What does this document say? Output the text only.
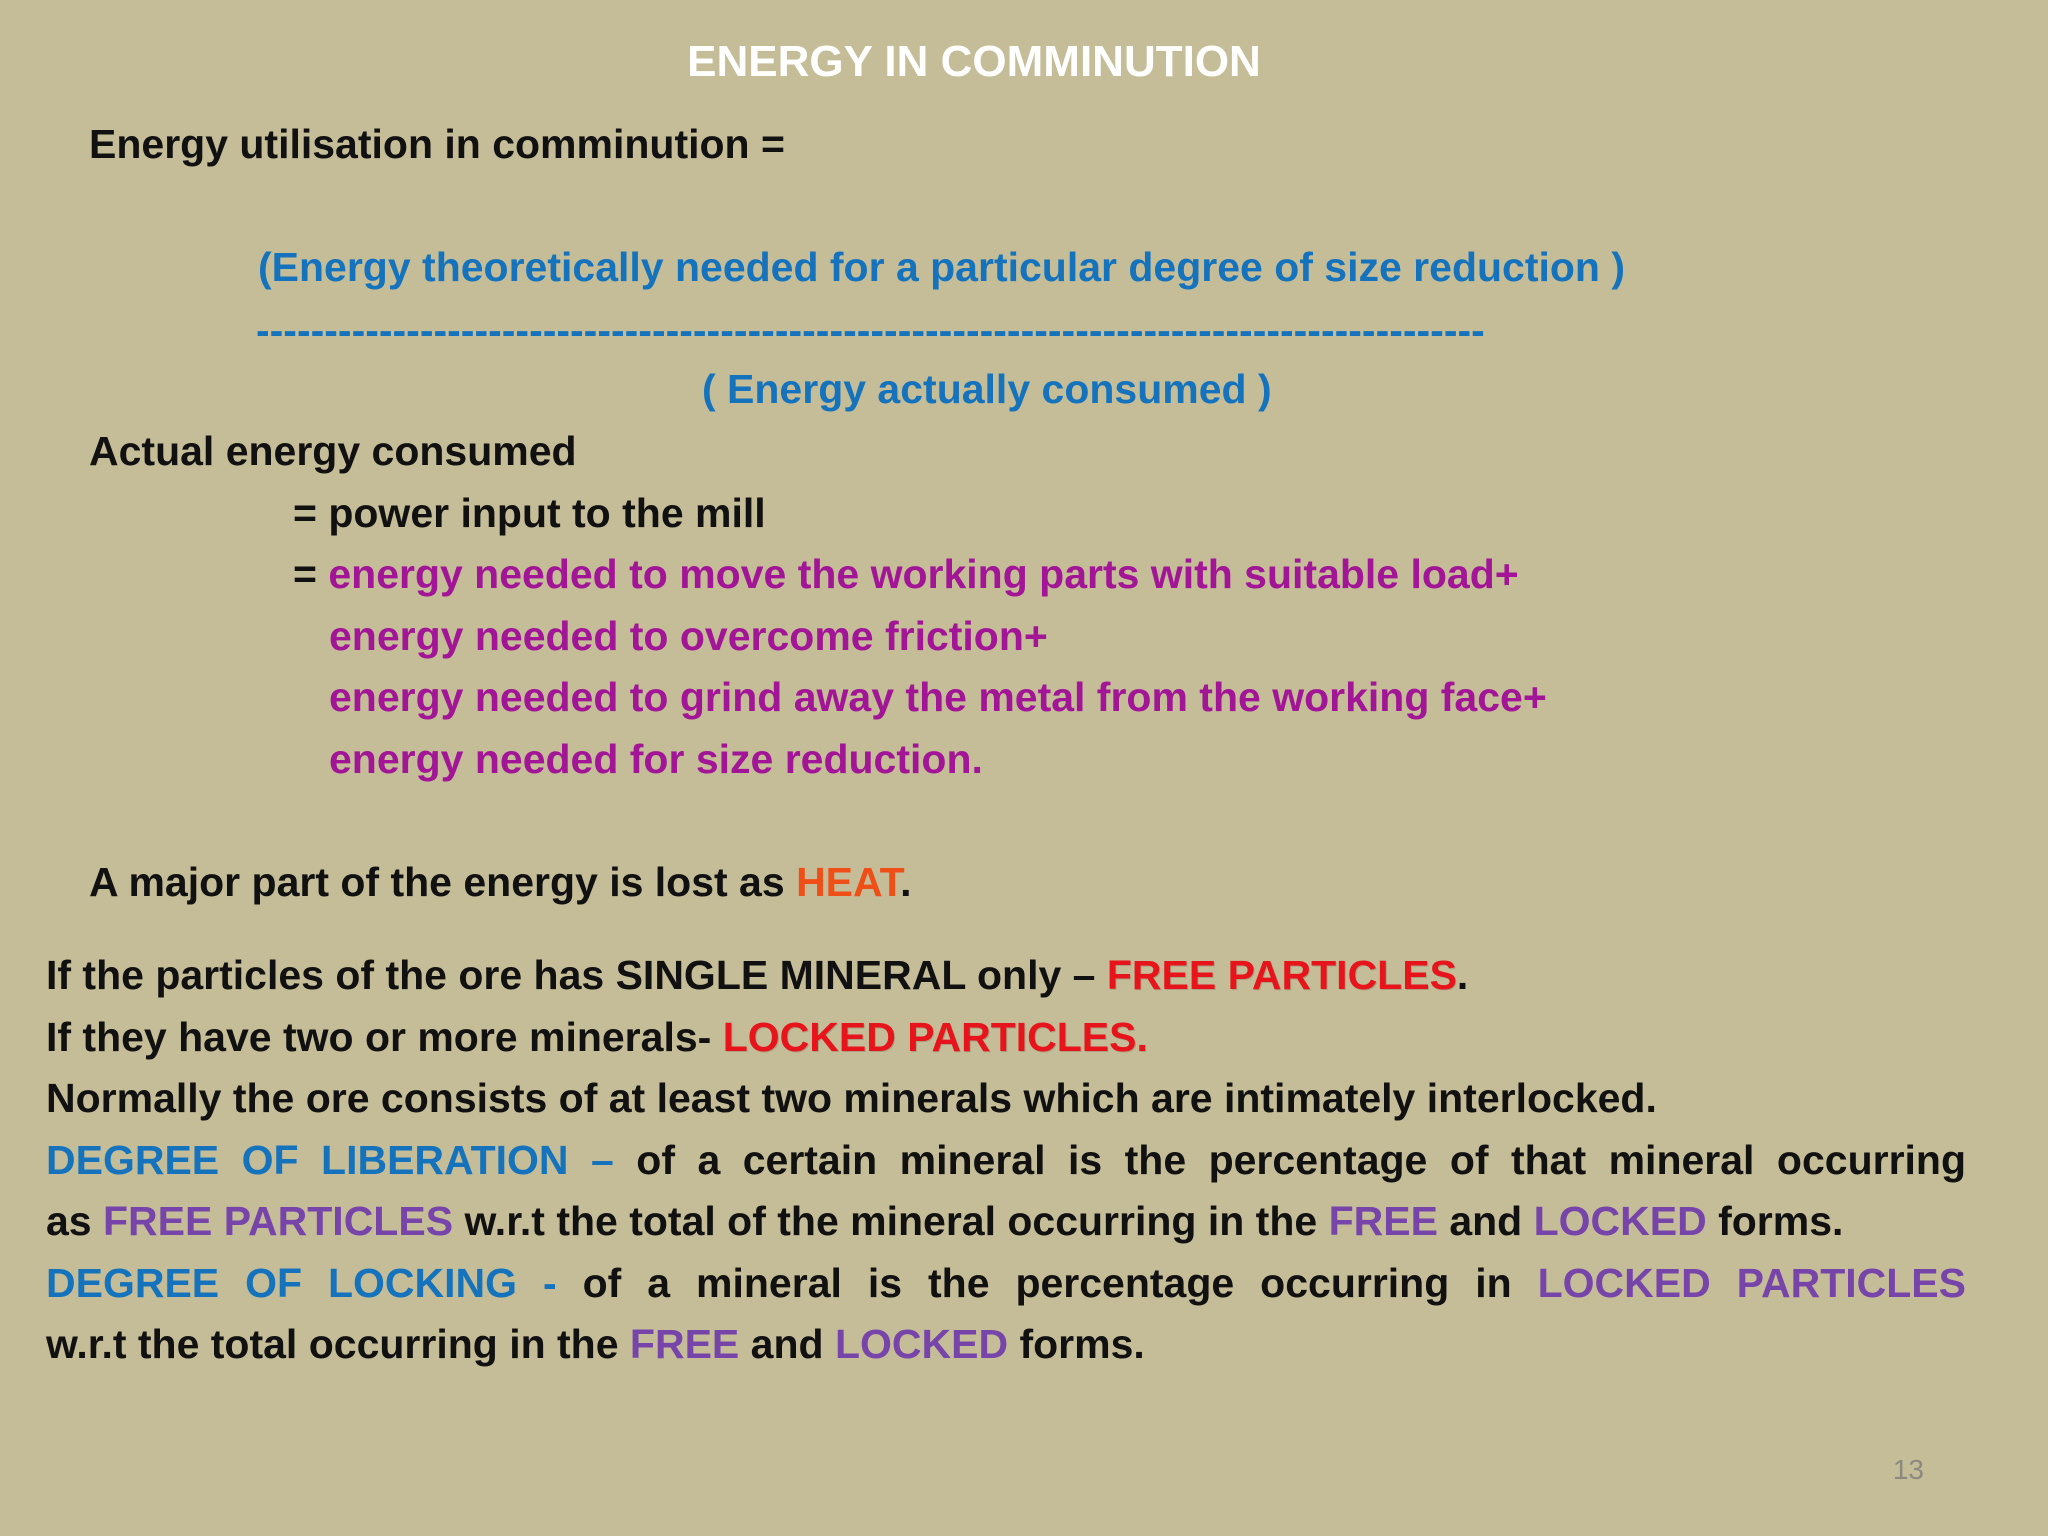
ENERGY IN COMMINUTION
Energy utilisation in comminution =
(Energy theoretically needed for a particular degree of size reduction )
------------------------------------------------------------------------------------------
( Energy actually consumed )
Actual energy consumed
= power input to the mill
= energy needed to move the working parts with suitable load+
energy needed to overcome friction+
energy needed to grind away the metal from the working face+
energy needed for size reduction.
A major part of the energy is lost as HEAT.
If the particles of the ore has SINGLE MINERAL only – FREE PARTICLES.
If they have two or more minerals- LOCKED PARTICLES.
Normally the ore consists of at least two minerals which are intimately interlocked.
DEGREE OF LIBERATION – of a certain mineral is the percentage of that mineral occurring
as FREE PARTICLES w.r.t the total of the mineral occurring in the FREE and LOCKED forms.
DEGREE OF LOCKING - of a mineral is the percentage occurring in LOCKED PARTICLES
w.r.t the total occurring in the FREE and LOCKED forms.
13
